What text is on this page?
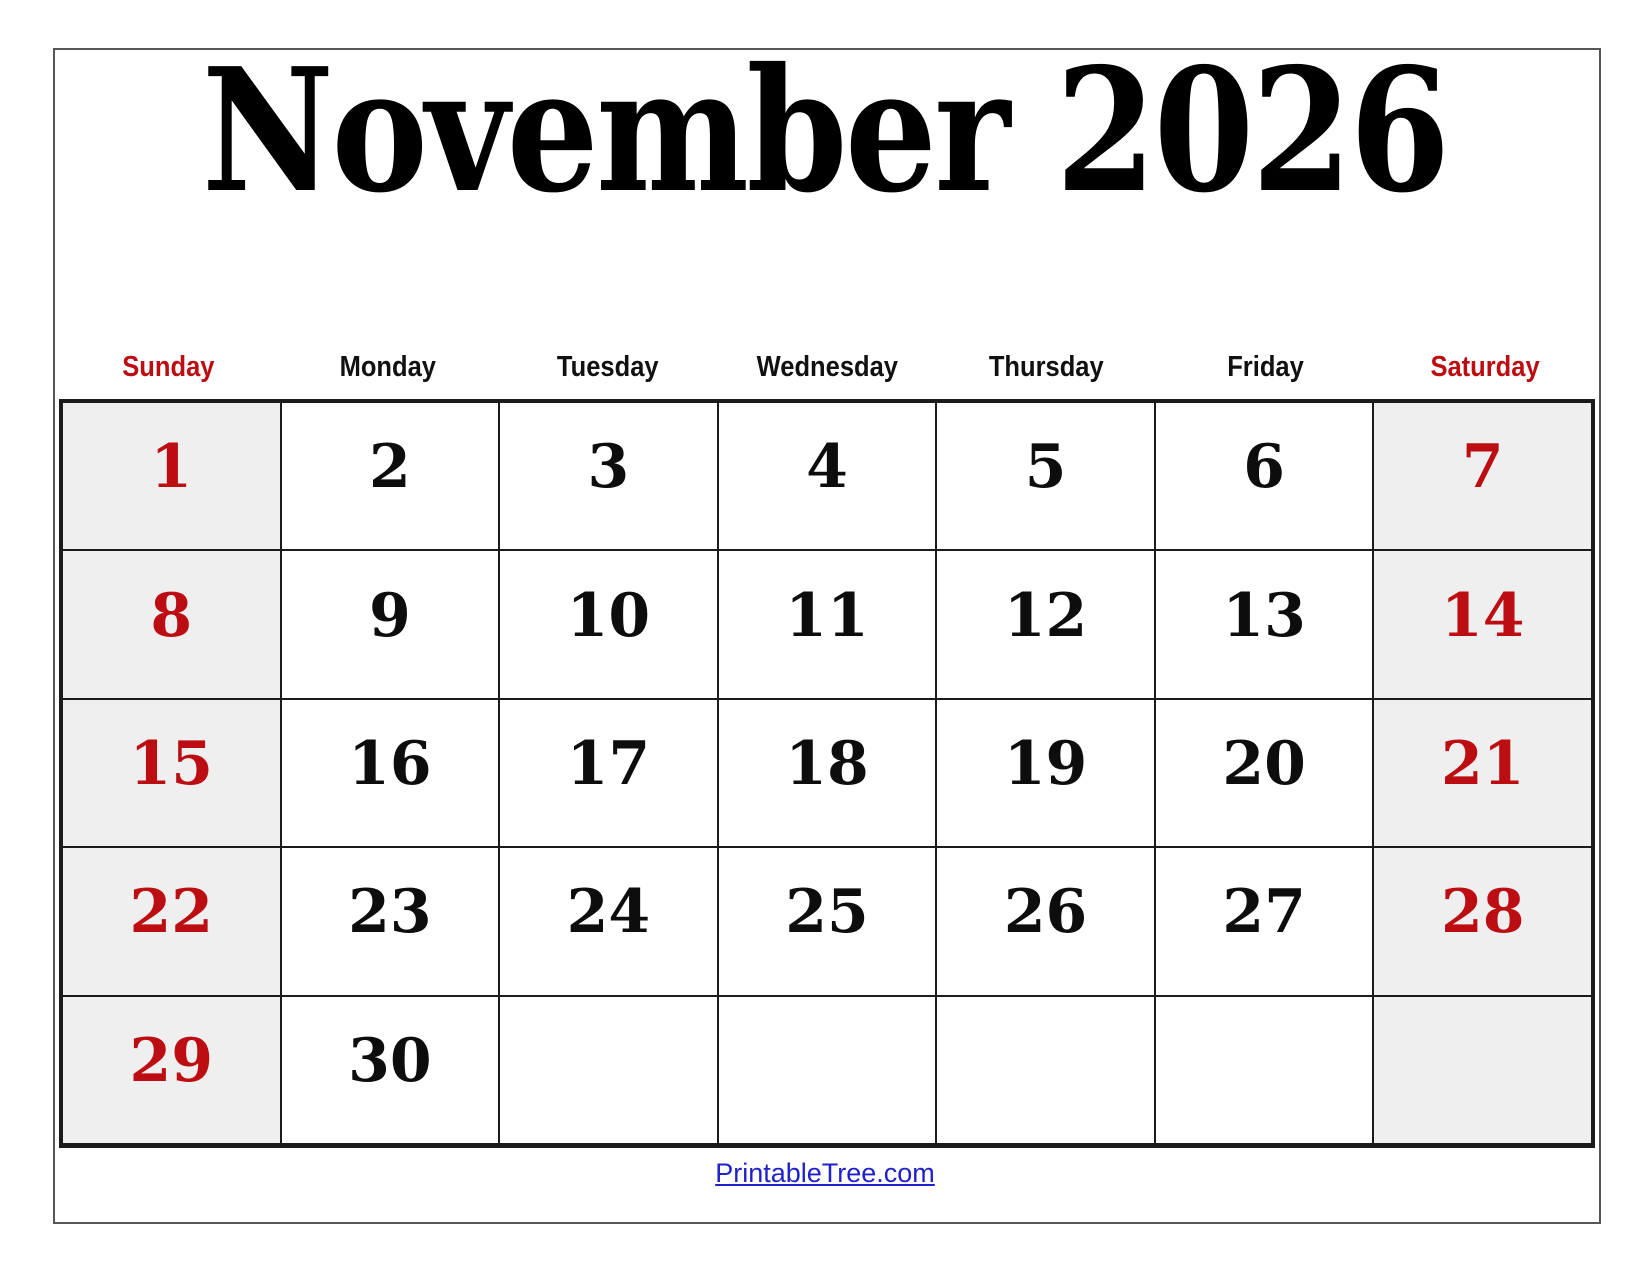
November 2026
Sunday	Monday	Tuesday	Wednesday	Thursday	Friday	Saturday
1	2	3	4	5	6	7
8	9	10 11 12 13 14
15 16 17 18 19 20 21
22 23 24 25 26 27 28
29 30
PrintableTree.com
